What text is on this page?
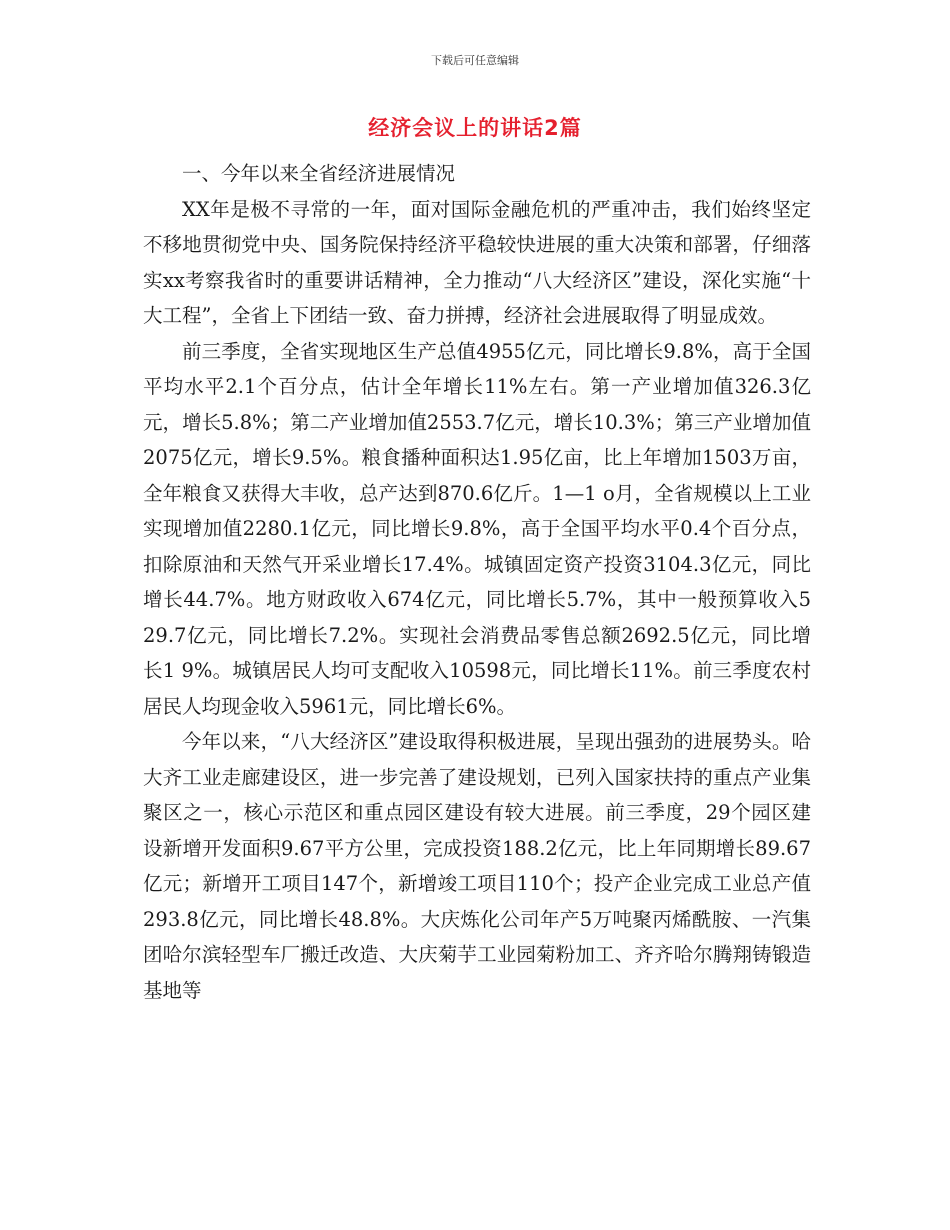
下载后可任意编辑
经济会议上的讲话2篇

一、今年以来全省经济进展情况

XX年是极不寻常的一年，面对国际金融危机的严重冲击，我们始终坚定不移地贯彻党中央、国务院保持经济平稳较快进展的重大决策和部署，仔细落实xx考察我省时的重要讲话精神，全力推动“八大经济区”建设，深化实施“十大工程”，全省上下团结一致、奋力拼搏，经济社会进展取得了明显成效。

前三季度，全省实现地区生产总值4955亿元，同比增长9.8%，高于全国平均水平2.1个百分点，估计全年增长11%左右。第一产业增加值326.3亿元，增长5.8%；第二产业增加值2553.7亿元，增长10.3%；第三产业增加值2075亿元，增长9.5%。粮食播种面积达1.95亿亩，比上年增加1503万亩，全年粮食又获得大丰收，总产达到870.6亿斤。1—1 o月，全省规模以上工业实现增加值2280.1亿元，同比增长9.8%，高于全国平均水平0.4个百分点，扣除原油和天然气开采业增长17.4%。城镇固定资产投资3104.3亿元，同比增长44.7%。地方财政收入674亿元，同比增长5.7%，其中一般预算收入5 29.7亿元，同比增长7.2%。实现社会消费品零售总额2692.5亿元，同比增长1 9%。城镇居民人均可支配收入10598元，同比增长11%。前三季度农村居民人均现金收入5961元，同比增长6%。

今年以来，“八大经济区”建设取得积极进展，呈现出强劲的进展势头。哈大齐工业走廊建设区，进一步完善了建设规划，已列入国家扶持的重点产业集聚区之一，核心示范区和重点园区建设有较大进展。前三季度，29个园区建设新增开发面积9.67平方公里，完成投资188.2亿元，比上年同期增长89.67亿元；新增开工项目147个，新增竣工项目110个；投产企业完成工业总产值293.8亿元，同比增长48.8%。大庆炼化公司年产5万吨聚丙烯酰胺、一汽集团哈尔滨轻型车厂搬迁改造、大庆菊芋工业园菊粉加工、齐齐哈尔腾翔铸锻造基地等
